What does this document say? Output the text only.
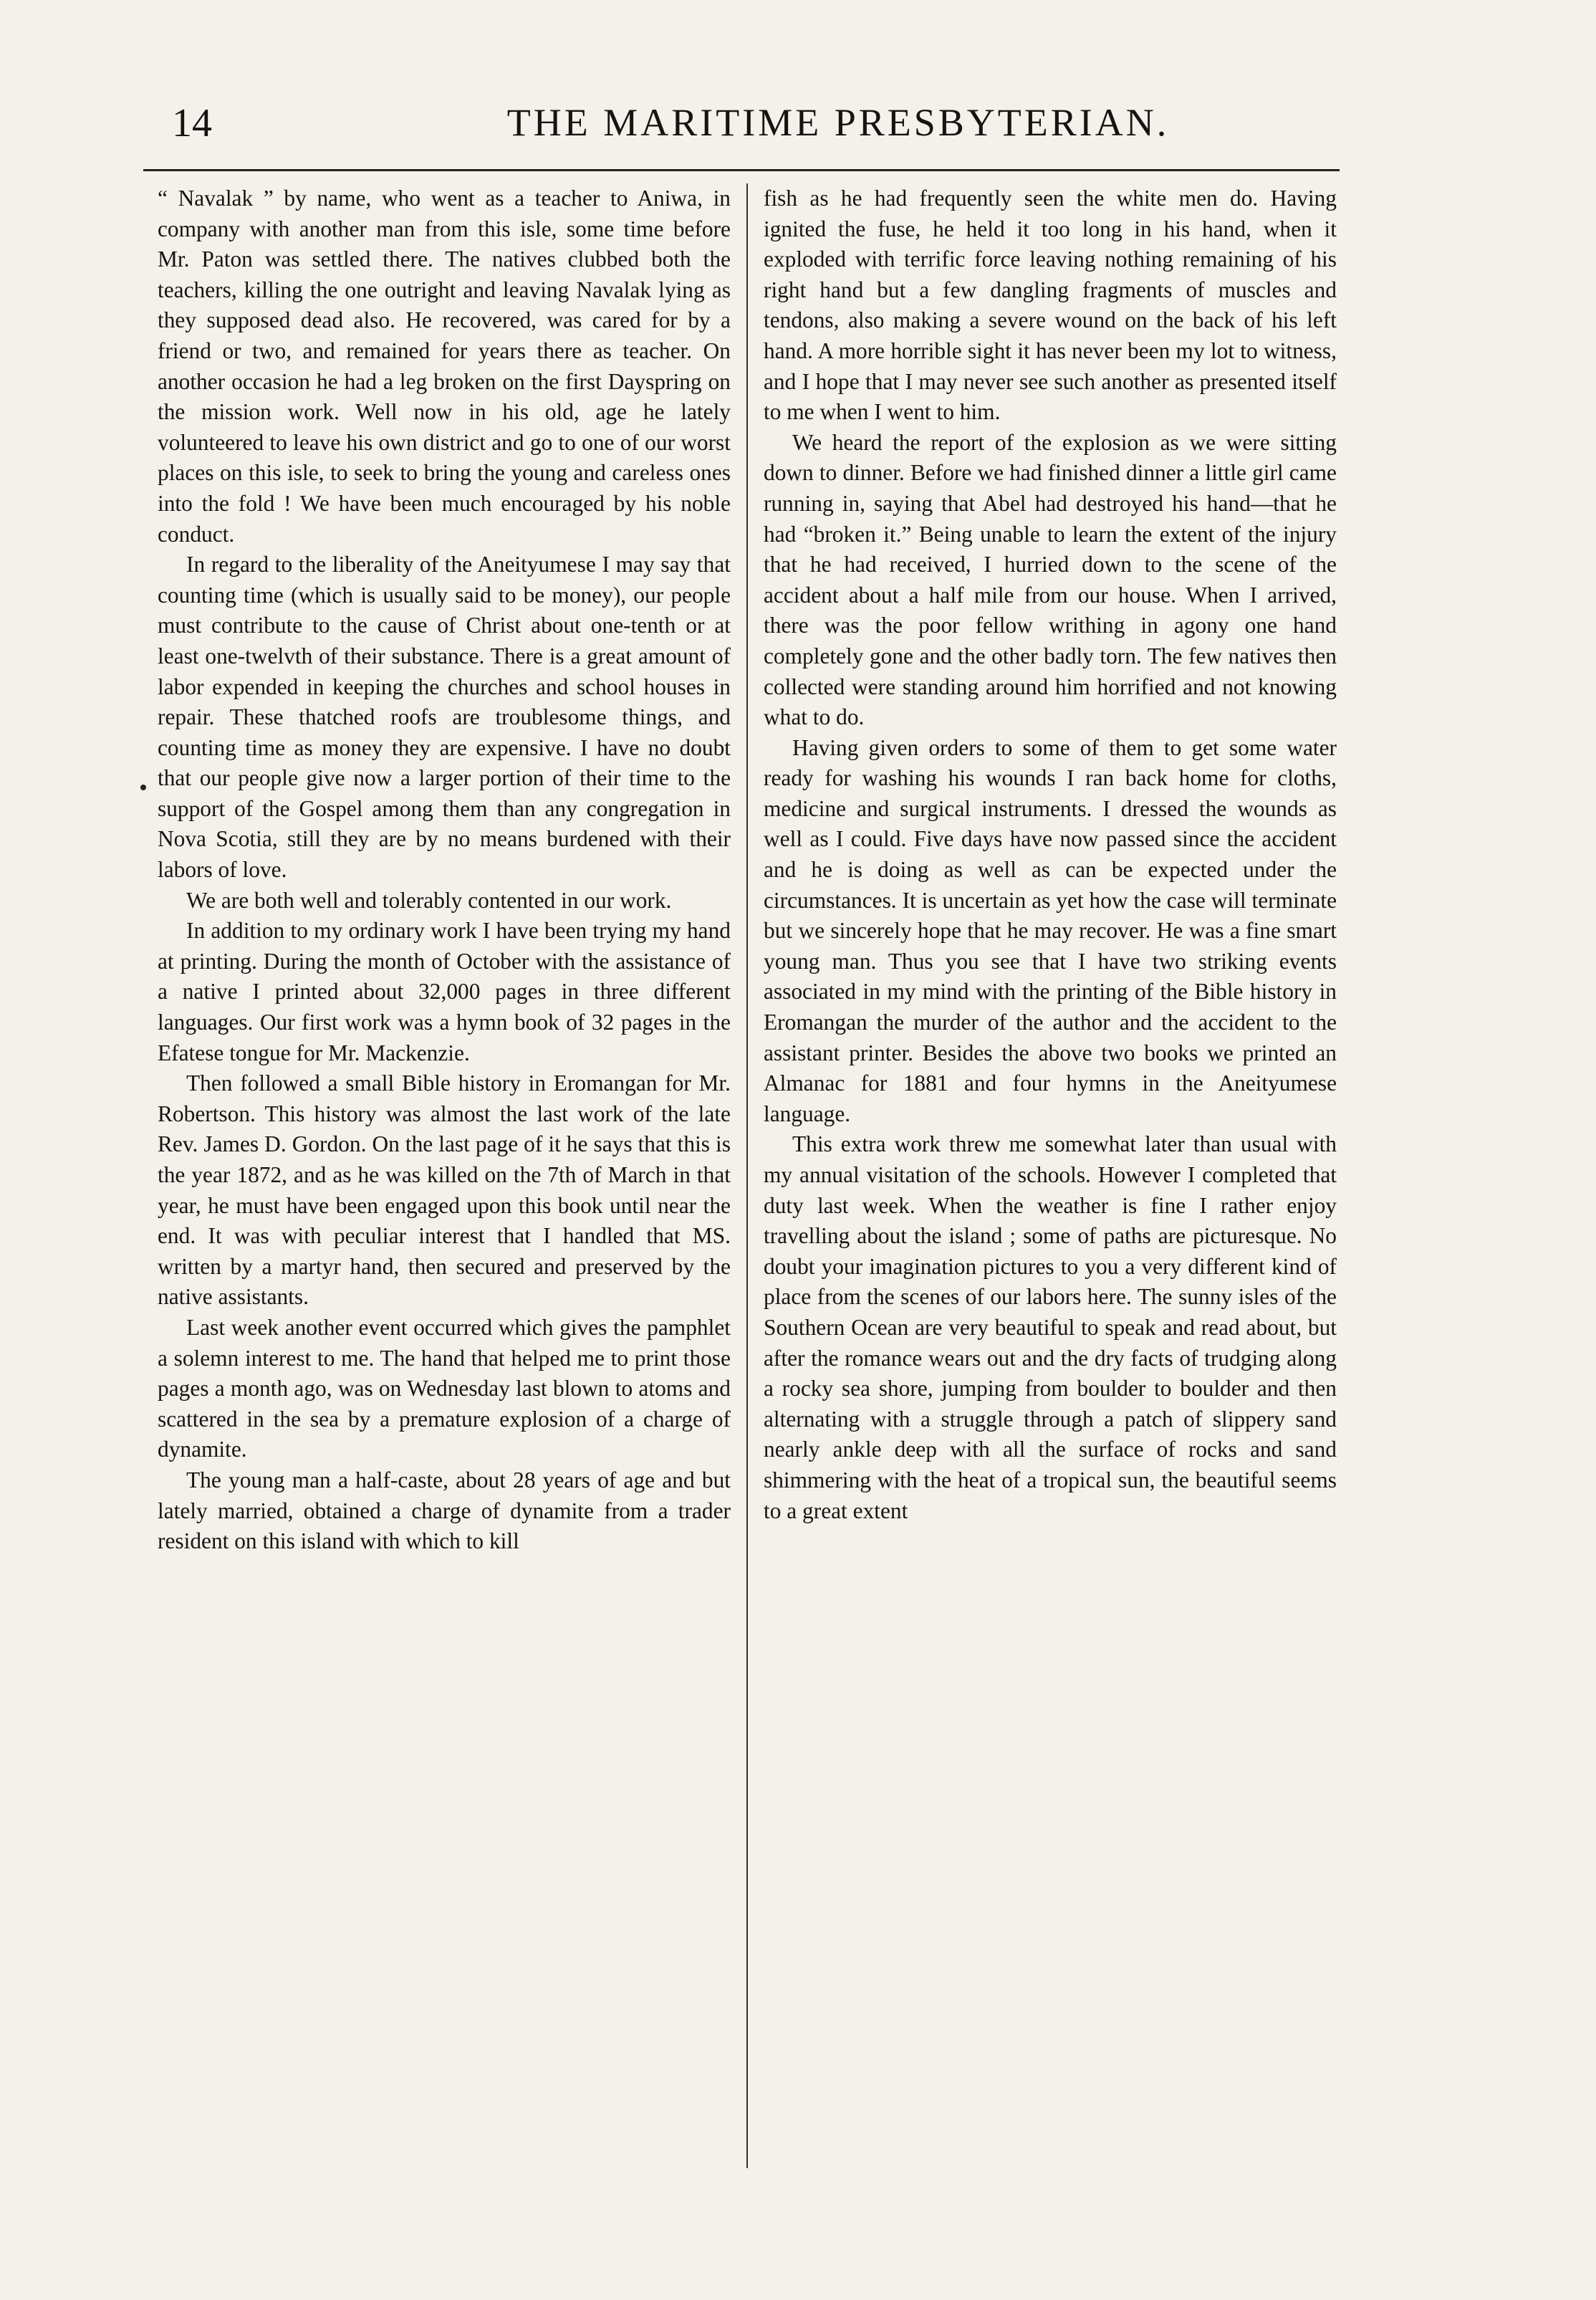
14	THE MARITIME PRESBYTERIAN.

“ Navalak ” by name, who went as a teacher to Aniwa, in company with another man from this isle, some time before Mr. Paton was settled there. The natives clubbed both the teachers, killing the one outright and leaving Navalak lying as they supposed dead also. He recovered, was cared for by a friend or two, and remained for years there as teacher. On another occasion he had a leg broken on the first Dayspring on the mission work. Well now in his old, age he lately volunteered to leave his own district and go to one of our worst places on this isle, to seek to bring the young and careless ones into the fold ! We have been much encouraged by his noble conduct.

In regard to the liberality of the Aneityumese I may say that counting time (which is usually said to be money), our people must contribute to the cause of Christ about one-tenth or at least one-twelvth of their substance. There is a great amount of labor expended in keeping the churches and school houses in repair. These thatched roofs are troublesome things, and counting time as money they are expensive. I have no doubt that our people give now a larger portion of their time to the support of the Gospel among them than any congregation in Nova Scotia, still they are by no means burdened with their labors of love.

We are both well and tolerably contented in our work.

In addition to my ordinary work I have been trying my hand at printing. During the month of October with the assistance of a native I printed about 32,000 pages in three different languages. Our first work was a hymn book of 32 pages in the Efatese tongue for Mr. Mackenzie.

Then followed a small Bible history in Eromangan for Mr. Robertson. This history was almost the last work of the late Rev. James D. Gordon. On the last page of it he says that this is the year 1872, and as he was killed on the 7th of March in that year, he must have been engaged upon this book until near the end. It was with peculiar interest that I handled that MS. written by a martyr hand, then secured and preserved by the native assistants.

Last week another event occurred which gives the pamphlet a solemn interest to me. The hand that helped me to print those pages a month ago, was on Wednesday last blown to atoms and scattered in the sea by a premature explosion of a charge of dynamite.

The young man a half-caste, about 28 years of age and but lately married, obtained a charge of dynamite from a trader resident on this island with which to kill

fish as he had frequently seen the white men do. Having ignited the fuse, he held it too long in his hand, when it exploded with terrific force leaving nothing remaining of his right hand but a few dangling fragments of muscles and tendons, also making a severe wound on the back of his left hand. A more horrible sight it has never been my lot to witness, and I hope that I may never see such another as presented itself to me when I went to him.

We heard the report of the explosion as we were sitting down to dinner. Before we had finished dinner a little girl came running in, saying that Abel had destroyed his hand—that he had “broken it.” Being unable to learn the extent of the injury that he had received, I hurried down to the scene of the accident about a half mile from our house. When I arrived, there was the poor fellow writhing in agony one hand completely gone and the other badly torn. The few natives then collected were standing around him horrified and not knowing what to do.

Having given orders to some of them to get some water ready for washing his wounds I ran back home for cloths, medicine and surgical instruments. I dressed the wounds as well as I could. Five days have now passed since the accident and he is doing as well as can be expected under the circumstances. It is uncertain as yet how the case will terminate but we sincerely hope that he may recover. He was a fine smart young man. Thus you see that I have two striking events associated in my mind with the printing of the Bible history in Eromangan the murder of the author and the accident to the assistant printer. Besides the above two books we printed an Almanac for 1881 and four hymns in the Aneityumese language.

This extra work threw me somewhat later than usual with my annual visitation of the schools. However I completed that duty last week. When the weather is fine I rather enjoy travelling about the island ; some of paths are picturesque. No doubt your imagination pictures to you a very different kind of place from the scenes of our labors here. The sunny isles of the Southern Ocean are very beautiful to speak and read about, but after the romance wears out and the dry facts of trudging along a rocky sea shore, jumping from boulder to boulder and then alternating with a struggle through a patch of slippery sand nearly ankle deep with all the surface of rocks and sand shimmering with the heat of a tropical sun, the beautiful seems to a great extent
